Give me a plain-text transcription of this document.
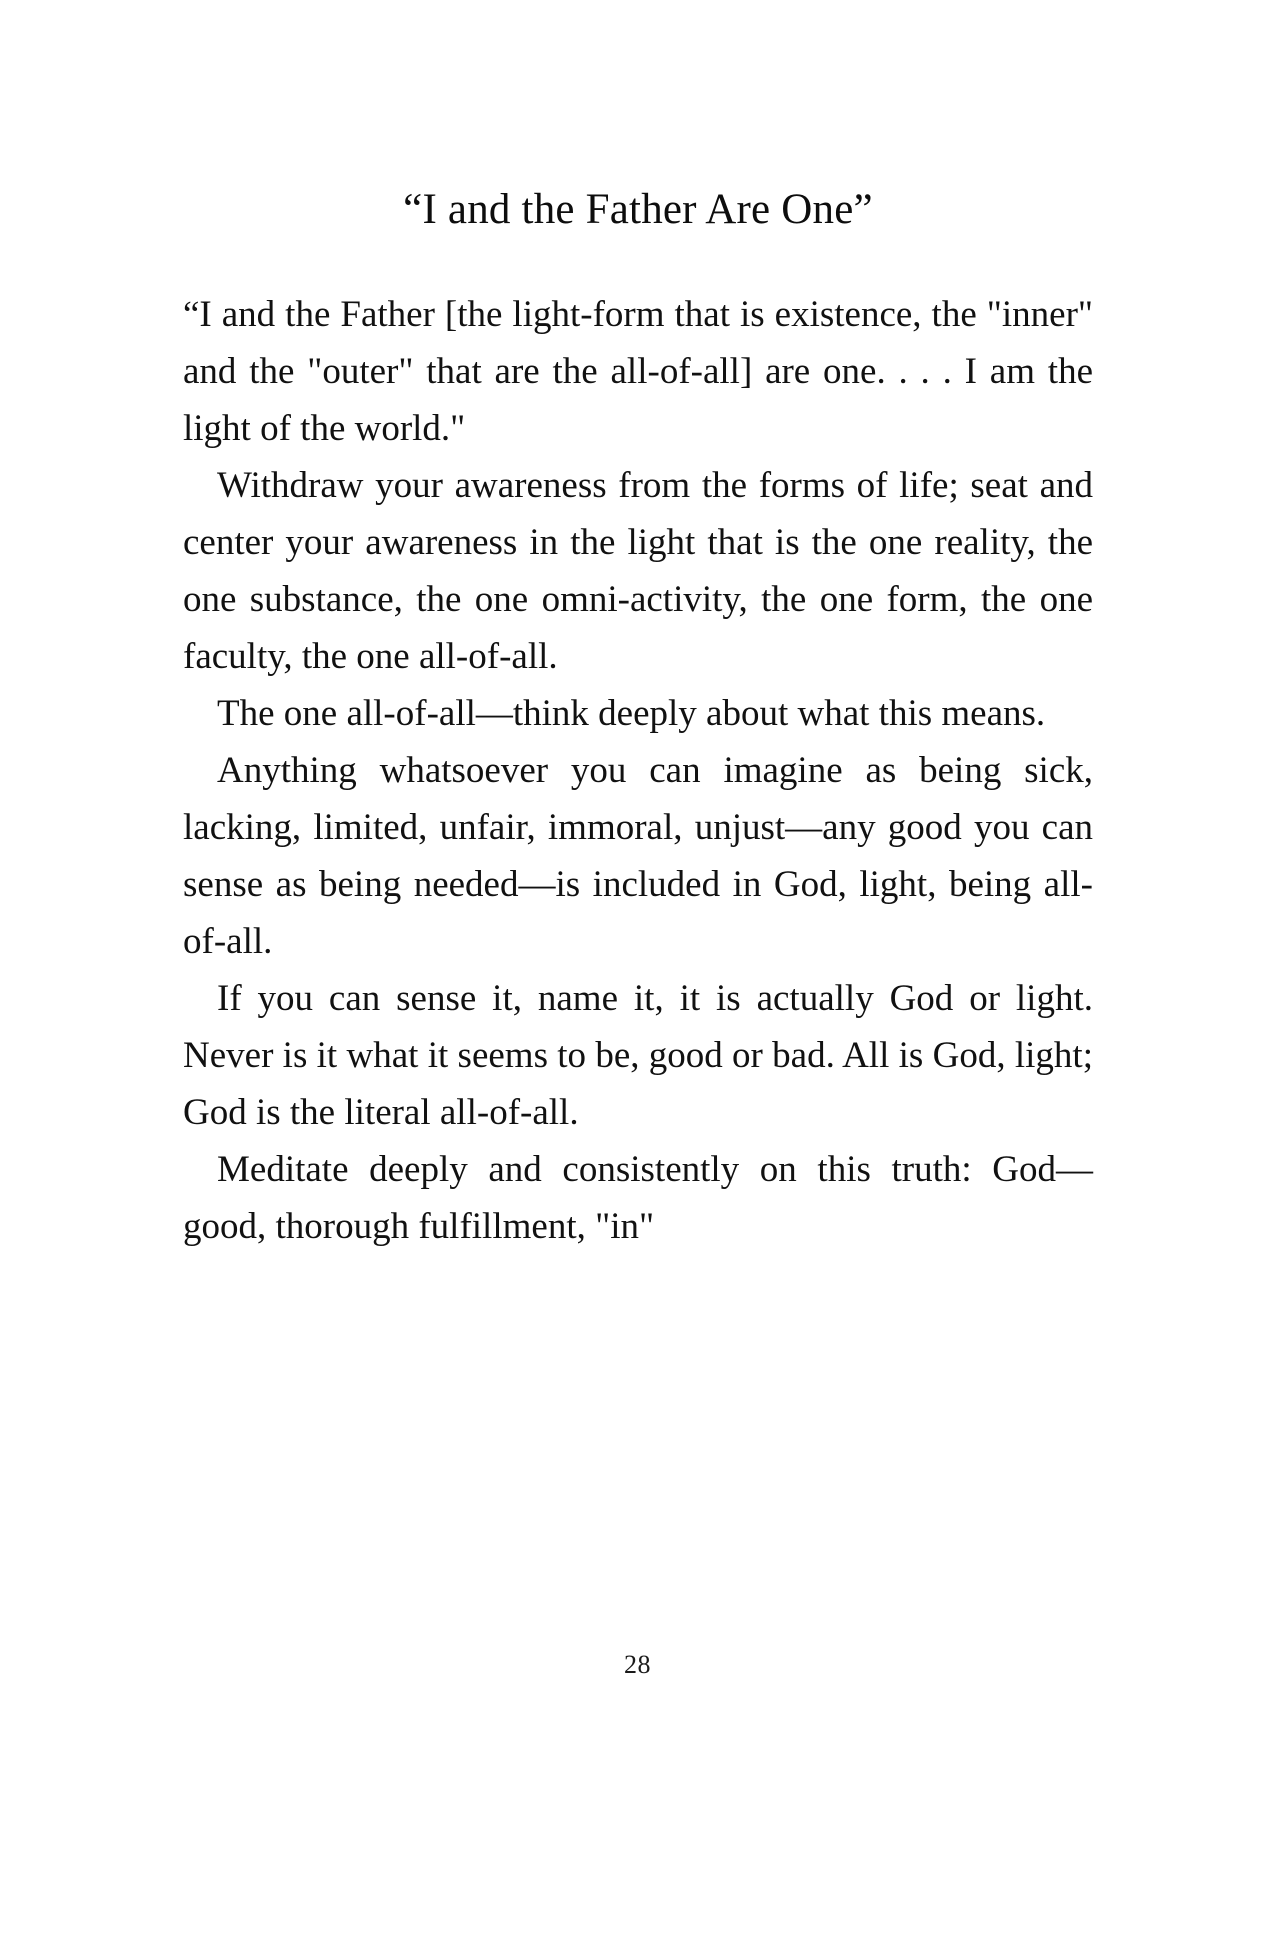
“I and the Father Are One”

“I and the Father [the light-form that is existence, the "inner" and the "outer" that are the all-of-all] are one. . . . I am the light of the world."

Withdraw your awareness from the forms of life; seat and center your awareness in the light that is the one reality, the one substance, the one omni-activity, the one form, the one faculty, the one all-of-all.

The one all-of-all—think deeply about what this means.

Anything whatsoever you can imagine as being sick, lacking, limited, unfair, immoral, unjust—any good you can sense as being needed—is included in God, light, being all-of-all.

If you can sense it, name it, it is actually God or light. Never is it what it seems to be, good or bad. All is God, light; God is the literal all-of-all.

Meditate deeply and consistently on this truth: God—good, thorough fulfillment, "in"

28
